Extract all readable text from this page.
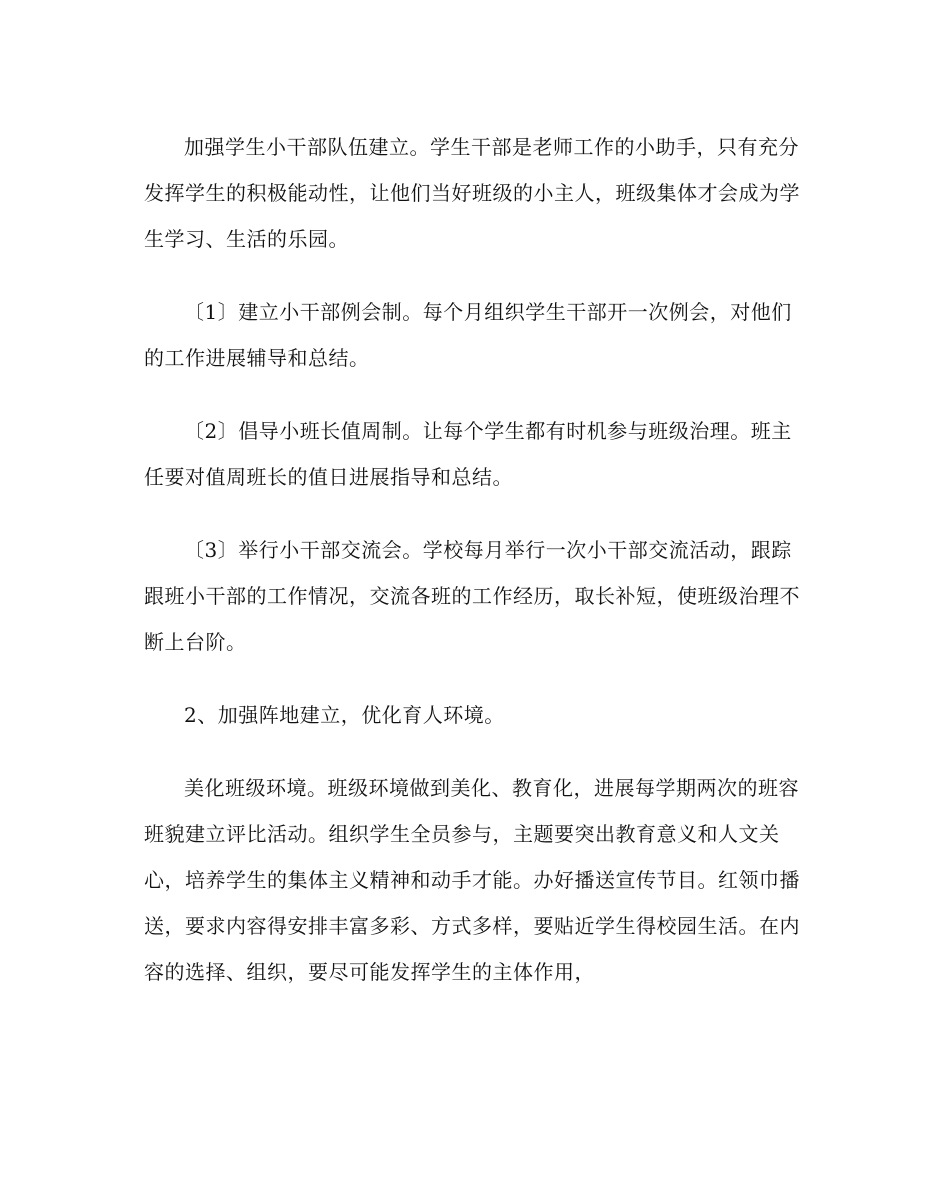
加强学生小干部队伍建立。学生干部是老师工作的小助手，只有充分发挥学生的积极能动性，让他们当好班级的小主人，班级集体才会成为学生学习、生活的乐园。

〔1〕建立小干部例会制。每个月组织学生干部开一次例会，对他们的工作进展辅导和总结。

〔2〕倡导小班长值周制。让每个学生都有时机参与班级治理。班主任要对值周班长的值日进展指导和总结。

〔3〕举行小干部交流会。学校每月举行一次小干部交流活动，跟踪跟班小干部的工作情况，交流各班的工作经历，取长补短，使班级治理不断上台阶。

2、加强阵地建立，优化育人环境。

美化班级环境。班级环境做到美化、教育化，进展每学期两次的班容班貌建立评比活动。组织学生全员参与，主题要突出教育意义和人文关心，培养学生的集体主义精神和动手才能。办好播送宣传节目。红领巾播送，要求内容得安排丰富多彩、方式多样，要贴近学生得校园生活。在内容的选择、组织，要尽可能发挥学生的主体作用，
